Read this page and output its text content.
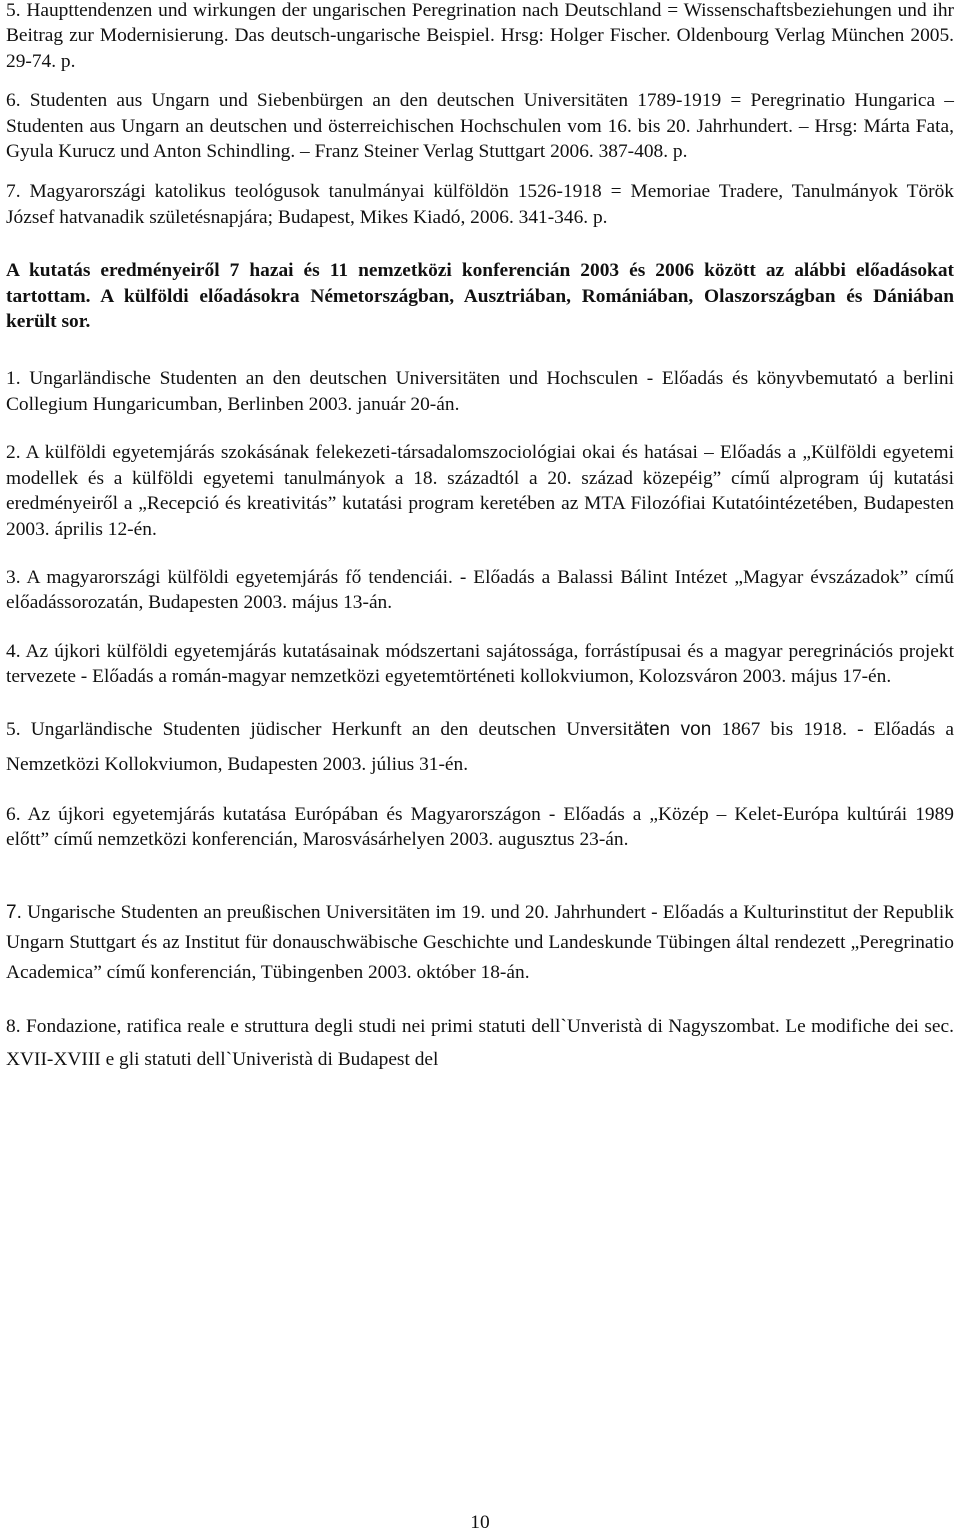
5. Haupttendenzen und wirkungen der ungarischen Peregrination nach Deutschland = Wissenschaftsbeziehungen und ihr Beitrag zur Modernisierung. Das deutsch-ungarische Beispiel. Hrsg: Holger Fischer. Oldenbourg Verlag München 2005. 29-74. p.

6. Studenten aus Ungarn und Siebenbürgen an den deutschen Universitäten 1789-1919 = Peregrinatio Hungarica – Studenten aus Ungarn an deutschen und österreichischen Hochschulen vom 16. bis 20. Jahrhundert. – Hrsg: Márta Fata, Gyula Kurucz und Anton Schindling. – Franz Steiner Verlag Stuttgart 2006. 387-408. p.

7. Magyarországi katolikus teológusok tanulmányai külföldön 1526-1918 = Memoriae Tradere, Tanulmányok Török József hatvanadik születésnapjára; Budapest, Mikes Kiadó, 2006. 341-346. p.

A kutatás eredményeiről 7 hazai és 11 nemzetközi konferencián 2003 és 2006 között az alábbi előadásokat tartottam. A külföldi előadásokra Németországban, Ausztriában, Romániában, Olaszországban és Dániában került sor.

1. Ungarländische Studenten an den deutschen Universitäten und Hochsculen - Előadás és könyvbemutató a berlini Collegium Hungaricumban, Berlinben 2003. január 20-án.

2. A külföldi egyetemjárás szokásának felekezeti-társadalomszociológiai okai és hatásai – Előadás a „Külföldi egyetemi modellek és a külföldi egyetemi tanulmányok a 18. századtól a 20. század közepéig” című alprogram új kutatási eredményeiről a „Recepció és kreativitás” kutatási program keretében az MTA Filozófiai Kutatóintézetében, Budapesten 2003. április 12-én.

3. A magyarországi külföldi egyetemjárás fő tendenciái. - Előadás a Balassi Bálint Intézet „Magyar évszázadok” című előadássorozatán, Budapesten 2003. május 13-án.

4. Az újkori külföldi egyetemjárás kutatásainak módszertani sajátossága, forrástípusai és a magyar peregrinációs projekt tervezete - Előadás a román-magyar nemzetközi egyetemtörténeti kollokviumon, Kolozsváron 2003. május 17-én.

5. Ungarländische Studenten jüdischer Herkunft an den deutschen Unversitäten von 1867 bis 1918. - Előadás a Nemzetközi Kollokviumon, Budapesten 2003. július 31-én.

6. Az újkori egyetemjárás kutatása Európában és Magyarországon - Előadás a „Közép – Kelet-Európa kultúrái 1989 előtt” című nemzetközi konferencián, Marosvásárhelyen 2003. augusztus 23-án.

7. Ungarische Studenten an preußischen Universitäten im 19. und 20. Jahrhundert - Előadás a Kulturinstitut der Republik Ungarn Stuttgart és az Institut für donauschwäbische Geschichte und Landeskunde Tübingen által rendezett „Peregrinatio Academica” című konferencián, Tübingenben 2003. október 18-án.

8. Fondazione, ratifica reale e struttura degli studi nei primi statuti dell`Unveristà di Nagyszombat. Le modifiche dei sec. XVII-XVIII e gli statuti dell`Univeristà di Budapest del

10
